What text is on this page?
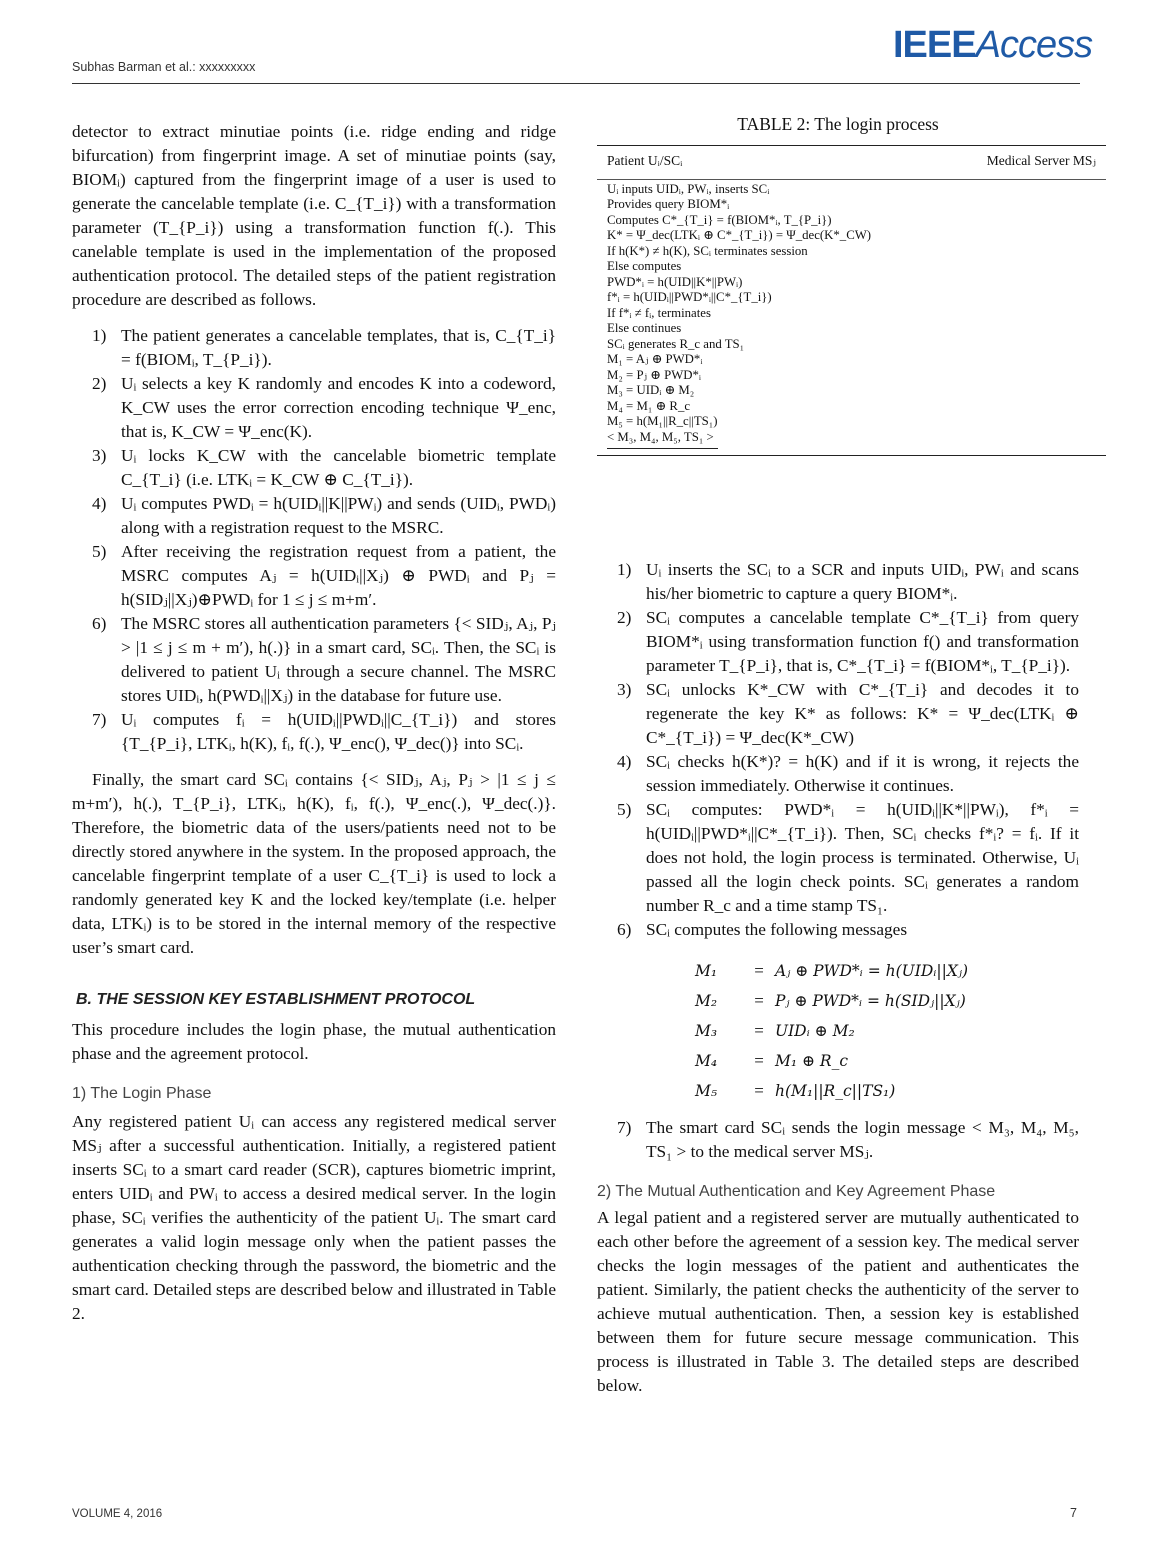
Subhas Barman et al.: xxxxxxxxx
IEEEAccess

detector to extract minutiae points (i.e. ridge ending and ridge bifurcation) from fingerprint image. A set of minutiae points (say, BIOMᵢ) captured from the fingerprint image of a user is used to generate the cancelable template (i.e. C_{T_i}) with a transformation parameter (T_{P_i}) using a transformation function f(.). This canelable template is used in the implementation of the proposed authentication protocol. The detailed steps of the patient registration procedure are described as follows.

1) The patient generates a cancelable templates, that is, C_{T_i} = f(BIOMᵢ, T_{P_i}).
2) Uᵢ selects a key K randomly and encodes K into a codeword, K_CW uses the error correction encoding technique Ψ_enc, that is, K_CW = Ψ_enc(K).
3) Uᵢ locks K_CW with the cancelable biometric template C_{T_i} (i.e. LTKᵢ = K_CW ⊕ C_{T_i}).
4) Uᵢ computes PWDᵢ = h(UIDᵢ||K||PWᵢ) and sends (UIDᵢ, PWDᵢ) along with a registration request to the MSRC.
5) After receiving the registration request from a patient, the MSRC computes Aⱼ = h(UIDᵢ||Xⱼ) ⊕ PWDᵢ and Pⱼ = h(SIDⱼ||Xⱼ)⊕PWDᵢ for 1 ≤ j ≤ m+m′.
6) The MSRC stores all authentication parameters {< SIDⱼ, Aⱼ, Pⱼ > |1 ≤ j ≤ m + m′), h(.)} in a smart card, SCᵢ. Then, the SCᵢ is delivered to patient Uᵢ through a secure channel. The MSRC stores UIDᵢ, h(PWDᵢ||Xⱼ) in the database for future use.
7) Uᵢ computes fᵢ = h(UIDᵢ||PWDᵢ||C_{T_i}) and stores {T_{P_i}, LTKᵢ, h(K), fᵢ, f(.), Ψ_enc(), Ψ_dec()} into SCᵢ.

Finally, the smart card SCᵢ contains {< SIDⱼ, Aⱼ, Pⱼ > |1 ≤ j ≤ m+m′), h(.), T_{P_i}, LTKᵢ, h(K), fᵢ, f(.), Ψ_enc(.), Ψ_dec(.)}. Therefore, the biometric data of the users/patients need not to be directly stored anywhere in the system. In the proposed approach, the cancelable fingerprint template of a user C_{T_i} is used to lock a randomly generated key K and the locked key/template (i.e. helper data, LTKᵢ) is to be stored in the internal memory of the respective user’s smart card.

B. THE SESSION KEY ESTABLISHMENT PROTOCOL

This procedure includes the login phase, the mutual authentication phase and the agreement protocol.

1) The Login Phase

Any registered patient Uᵢ can access any registered medical server MSⱼ after a successful authentication. Initially, a registered patient inserts SCᵢ to a smart card reader (SCR), captures biometric imprint, enters UIDᵢ and PWᵢ to access a desired medical server. In the login phase, SCᵢ verifies the authenticity of the patient Uᵢ. The smart card generates a valid login message only when the patient passes the authentication checking through the password, the biometric and the smart card. Detailed steps are described below and illustrated in Table 2.

TABLE 2: The login process
Patient Uᵢ/SCᵢ	Medical Server MSⱼ
Uᵢ inputs UIDᵢ, PWᵢ, inserts SCᵢ
Provides query BIOM*ᵢ
Computes C*_{T_i} = f(BIOM*ᵢ, T_{P_i})
K* = Ψ_dec(LTKᵢ ⊕ C*_{T_i}) = Ψ_dec(K*_CW)
If h(K*) ≠ h(K), SCᵢ terminates session
Else computes
PWD*ᵢ = h(UID||K*||PWᵢ)
f*ᵢ = h(UIDᵢ||PWD*ᵢ||C*_{T_i})
If f*ᵢ ≠ fᵢ, terminates
Else continues
SCᵢ generates R_c and TS₁
M₁ = Aⱼ ⊕ PWD*ᵢ
M₂ = Pⱼ ⊕ PWD*ᵢ
M₃ = UIDᵢ ⊕ M₂
M₄ = M₁ ⊕ R_c
M₅ = h(M₁||R_c||TS₁)
< M₃, M₄, M₅, TS₁ >
1) Uᵢ inserts the SCᵢ to a SCR and inputs UIDᵢ, PWᵢ and scans his/her biometric to capture a query BIOM*ᵢ.
2) SCᵢ computes a cancelable template C*_{T_i} from query BIOM*ᵢ using transformation function f() and transformation parameter T_{P_i}, that is, C*_{T_i} = f(BIOM*ᵢ, T_{P_i}).
3) SCᵢ unlocks K*_CW with C*_{T_i} and decodes it to regenerate the key K* as follows: K* = Ψ_dec(LTKᵢ ⊕ C*_{T_i}) = Ψ_dec(K*_CW)
4) SCᵢ checks h(K*)? = h(K) and if it is wrong, it rejects the session immediately. Otherwise it continues.
5) SCᵢ computes: PWD*ᵢ = h(UIDᵢ||K*||PWᵢ), f*ᵢ = h(UIDᵢ||PWD*ᵢ||C*_{T_i}). Then, SCᵢ checks f*ᵢ? = fᵢ. If it does not hold, the login process is terminated. Otherwise, Uᵢ passed all the login check points. SCᵢ generates a random number R_c and a time stamp TS₁.
6) SCᵢ computes the following messages
M₁	= Aⱼ ⊕ PWD*ᵢ = h(UIDᵢ||Xⱼ)
M₂	= Pⱼ ⊕ PWD*ᵢ = h(SIDⱼ||Xⱼ)
M₃	= UIDᵢ ⊕ M₂
M₄	= M₁ ⊕ R_c
M₅	= h(M₁||R_c||TS₁)
7) The smart card SCᵢ sends the login message < M₃, M₄, M₅, TS₁ > to the medical server MSⱼ.

2) The Mutual Authentication and Key Agreement Phase

A legal patient and a registered server are mutually authenticated to each other before the agreement of a session key. The medical server checks the login messages of the patient and authenticates the patient. Similarly, the patient checks the authenticity of the server to achieve mutual authentication. Then, a session key is established between them for future secure message communication. This process is illustrated in Table 3. The detailed steps are described below.

VOLUME 4, 2016	7
